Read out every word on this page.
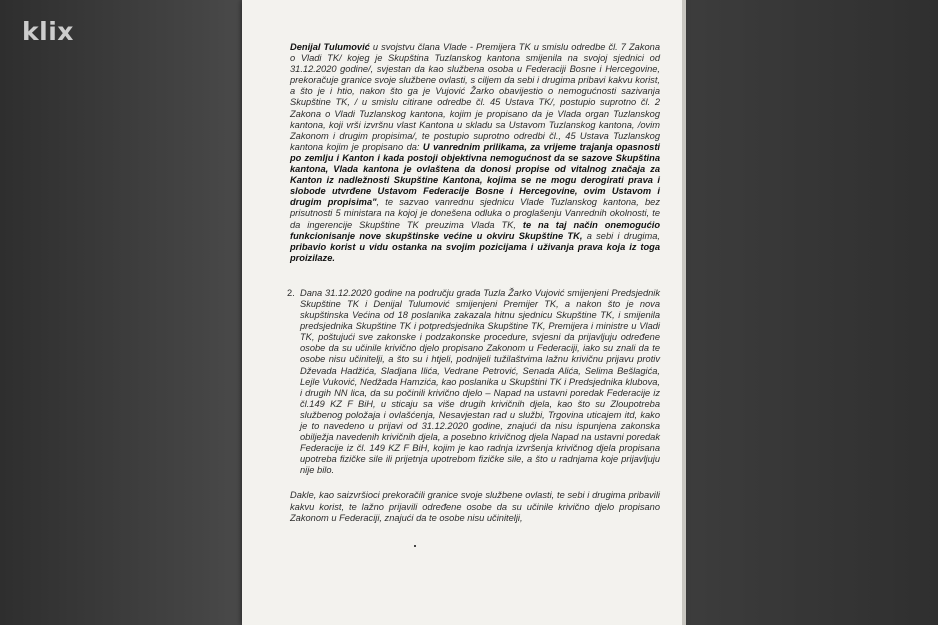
klix

Denijal Tulumović u svojstvu člana Vlade - Premijera TK u smislu odredbe čl. 7 Zakona o Vladi TK/ kojeg je Skupština Tuzlanskog kantona smijenila na svojoj sjednici od 31.12.2020 godine/, svjestan da kao službena osoba u Federaciji Bosne i Hercegovine, prekoračuje granice svoje službene ovlasti, s ciljem da sebi i drugima pribavi kakvu korist, a što je i htio, nakon što ga je Vujović Žarko obavijestio o nemogućnosti sazivanja Skupštine TK, / u smislu citirane odredbe čl. 45 Ustava TK/, postupio suprotno čl. 2 Zakona o Vladi Tuzlanskog kantona, kojim je propisano da je Vlada organ Tuzlanskog kantona, koji vrši izvršnu vlast Kantona u skladu sa Ustavom Tuzlanskog kantona, /ovim Zakonom i drugim propisima/, te postupio suprotno odredbi čl., 45 Ustava Tuzlanskog kantona kojim je propisano da: U vanrednim prilikama, za vrijeme trajanja opasnosti po zemlju i Kanton i kada postoji objektivna nemogućnost da se sazove Skupština kantona, Vlada kantona je ovlaštena da donosi propise od vitalnog značaja za Kanton iz nadležnosti Skupštine Kantona, kojima se ne mogu derogirati prava i slobode utvrđene Ustavom Federacije Bosne i Hercegovine, ovim Ustavom i drugim propisima", te sazvao vanrednu sjednicu Vlade Tuzlanskog kantona, bez prisutnosti 5 ministara na kojoj je donešena odluka o proglašenju Vanrednih okolnosti, te da ingerencije Skupštine TK preuzima Vlada TK, te na taj način onemogućio funkcionisanje nove skupštinske većine u okviru Skupštine TK, a sebi i drugima, pribavio korist u vidu ostanka na svojim pozicijama i uživanja prava koja iz toga proizilaze.

2. Dana 31.12.2020 godine na području grada Tuzla Žarko Vujović smijenjeni Predsjednik Skupštine TK i Denijal Tulumović smijenjeni Premijer TK, a nakon što je nova skupštinska Većina od 18 poslanika zakazala hitnu sjednicu Skupštine TK, i smijenila predsjednika Skupštine TK i potpredsjednika Skupštine TK, Premijera i ministre u Vladi TK, poštujući sve zakonske i podzakonske procedure, svjesni da prijavljuju određene osobe da su učinile krivično djelo propisano Zakonom u Federaciji, iako su znali da te osobe nisu učinitelji, a što su i htjeli, podnijeli tužilaštvima lažnu krivičnu prijavu protiv Dževada Hadžića, Sladjana Ilića, Vedrane Petrović, Senada Alića, Selima Bešlagića, Lejle Vuković, Nedžada Hamzića, kao poslanika u Skupštini TK i Predsjednika klubova, i drugih NN lica, da su počinili krivično djelo – Napad na ustavni poredak Federacije iz čl.149 KZ F BiH, u sticaju sa više drugih krivičnih djela, kao što su Zloupotreba službenog položaja i ovlašćenja, Nesavjestan rad u službi, Trgovina uticajem itd, kako je to navedeno u prijavi od 31.12.2020 godine, znajući da nisu ispunjena zakonska obilježja navedenih krivičnih djela, a posebno krivičnog djela Napad na ustavni poredak Federacije iz čl. 149 KZ F BiH, kojim je kao radnja izvršenja krivičnog djela propisana upotreba fizičke sile ili prijetnja upotrebom fizičke sile, a što u radnjama koje prijavljuju nije bilo.

Dakle, kao saizvršioci prekoračili granice svoje službene ovlasti, te sebi i drugima pribavili kakvu korist, te lažno prijavili određene osobe da su učinile krivično djelo propisano Zakonom u Federaciji, znajući da te osobe nisu učinitelji,
